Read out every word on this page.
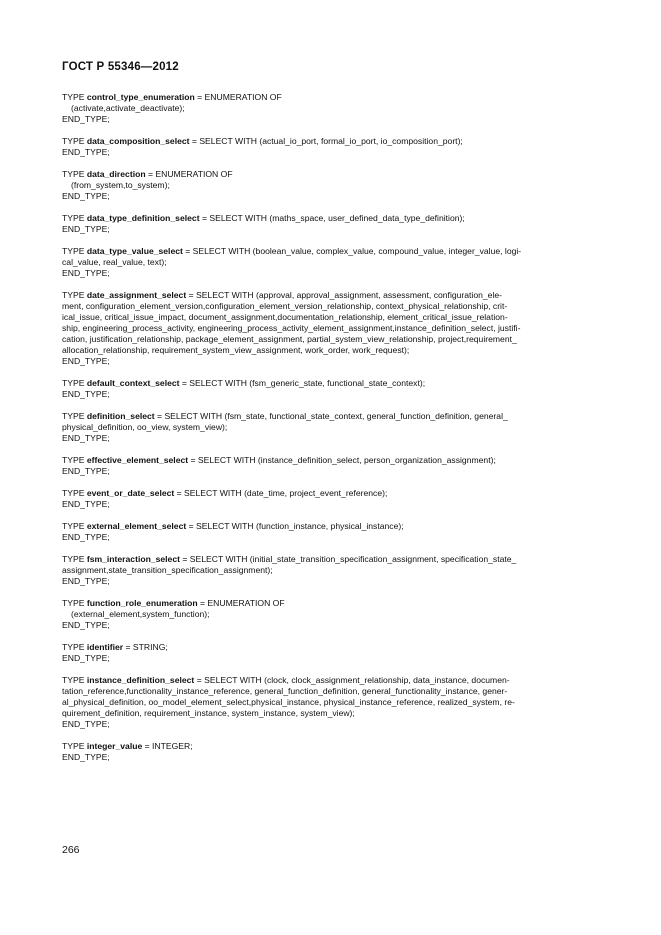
ГОСТ Р 55346—2012
TYPE control_type_enumeration = ENUMERATION OF
(activate,activate_deactivate);
END_TYPE;
TYPE data_composition_select = SELECT WITH (actual_io_port, formal_io_port, io_composition_port);
END_TYPE;
TYPE data_direction = ENUMERATION OF
(from_system,to_system);
END_TYPE;
TYPE data_type_definition_select = SELECT WITH (maths_space, user_defined_data_type_definition);
END_TYPE;
TYPE data_type_value_select = SELECT WITH (boolean_value, complex_value, compound_value, integer_value, logi-
cal_value, real_value, text);
END_TYPE;
TYPE date_assignment_select = SELECT WITH (approval, approval_assignment, assessment, configuration_ele-
ment, configuration_element_version,configuration_element_version_relationship, context_physical_relationship, crit-
ical_issue, critical_issue_impact, document_assignment,documentation_relationship, element_critical_issue_relation-
ship, engineering_process_activity, engineering_process_activity_element_assignment,instance_definition_select, justifi-
cation, justification_relationship, package_element_assignment, partial_system_view_relationship, project,requirement_
allocation_relationship, requirement_system_view_assignment, work_order, work_request);
END_TYPE;
TYPE default_context_select = SELECT WITH (fsm_generic_state, functional_state_context);
END_TYPE;
TYPE definition_select = SELECT WITH (fsm_state, functional_state_context, general_function_definition, general_
physical_definition, oo_view, system_view);
END_TYPE;
TYPE effective_element_select = SELECT WITH (instance_definition_select, person_organization_assignment);
END_TYPE;
TYPE event_or_date_select = SELECT WITH (date_time, project_event_reference);
END_TYPE;
TYPE external_element_select = SELECT WITH (function_instance, physical_instance);
END_TYPE;
TYPE fsm_interaction_select = SELECT WITH (initial_state_transition_specification_assignment, specification_state_
assignment,state_transition_specification_assignment);
END_TYPE;
TYPE function_role_enumeration = ENUMERATION OF
(external_element,system_function);
END_TYPE;
TYPE identifier = STRING;
END_TYPE;
TYPE instance_definition_select = SELECT WITH (clock, clock_assignment_relationship, data_instance, documen-
tation_reference,functionality_instance_reference, general_function_definition, general_functionality_instance, gener-
al_physical_definition, oo_model_element_select,physical_instance, physical_instance_reference, realized_system, re-
quirement_definition, requirement_instance, system_instance, system_view);
END_TYPE;
TYPE integer_value = INTEGER;
END_TYPE;
266
